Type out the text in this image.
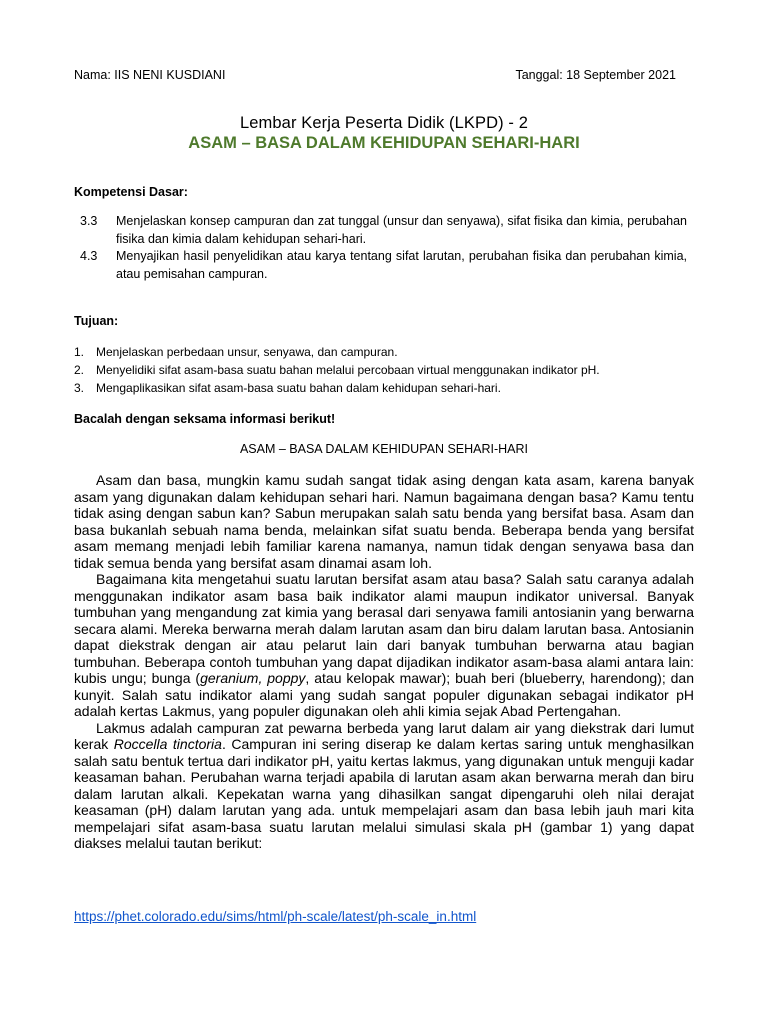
Nama: IIS NENI KUSDIANI	Tanggal: 18 September 2021
Lembar Kerja Peserta Didik (LKPD) - 2
ASAM – BASA DALAM KEHIDUPAN SEHARI-HARI
Kompetensi Dasar:
3.3	Menjelaskan konsep campuran dan zat tunggal (unsur dan senyawa), sifat fisika dan kimia, perubahan fisika dan kimia dalam kehidupan sehari-hari.
4.3	Menyajikan hasil penyelidikan atau karya tentang sifat larutan, perubahan fisika dan perubahan kimia, atau pemisahan campuran.
Tujuan:
1. Menjelaskan perbedaan unsur, senyawa, dan campuran.
2. Menyelidiki sifat asam-basa suatu bahan melalui percobaan virtual menggunakan indikator pH.
3. Mengaplikasikan sifat asam-basa suatu bahan dalam kehidupan sehari-hari.
Bacalah dengan seksama informasi berikut!
ASAM – BASA DALAM KEHIDUPAN SEHARI-HARI

Asam dan basa, mungkin kamu sudah sangat tidak asing dengan kata asam, karena banyak asam yang digunakan dalam kehidupan sehari hari. Namun bagaimana dengan basa? Kamu tentu tidak asing dengan sabun kan? Sabun merupakan salah satu benda yang bersifat basa. Asam dan basa bukanlah sebuah nama benda, melainkan sifat suatu benda. Beberapa benda yang bersifat asam memang menjadi lebih familiar karena namanya, namun tidak dengan senyawa basa dan tidak semua benda yang bersifat asam dinamai asam loh.

Bagaimana kita mengetahui suatu larutan bersifat asam atau basa? Salah satu caranya adalah menggunakan indikator asam basa baik indikator alami maupun indikator universal. Banyak tumbuhan yang mengandung zat kimia yang berasal dari senyawa famili antosianin yang berwarna secara alami. Mereka berwarna merah dalam larutan asam dan biru dalam larutan basa. Antosianin dapat diekstrak dengan air atau pelarut lain dari banyak tumbuhan berwarna atau bagian tumbuhan. Beberapa contoh tumbuhan yang dapat dijadikan indikator asam-basa alami antara lain: kubis ungu; bunga (geranium, poppy, atau kelopak mawar); buah beri (blueberry, harendong); dan kunyit. Salah satu indikator alami yang sudah sangat populer digunakan sebagai indikator pH adalah kertas Lakmus, yang populer digunakan oleh ahli kimia sejak Abad Pertengahan.

Lakmus adalah campuran zat pewarna berbeda yang larut dalam air yang diekstrak dari lumut kerak Roccella tinctoria. Campuran ini sering diserap ke dalam kertas saring untuk menghasilkan salah satu bentuk tertua dari indikator pH, yaitu kertas lakmus, yang digunakan untuk menguji kadar keasaman bahan. Perubahan warna terjadi apabila di larutan asam akan berwarna merah dan biru dalam larutan alkali. Kepekatan warna yang dihasilkan sangat dipengaruhi oleh nilai derajat keasaman (pH) dalam larutan yang ada. untuk mempelajari asam dan basa lebih jauh mari kita mempelajari sifat asam-basa suatu larutan melalui simulasi skala pH (gambar 1) yang dapat diakses melalui tautan berikut:

https://phet.colorado.edu/sims/html/ph-scale/latest/ph-scale_in.html
